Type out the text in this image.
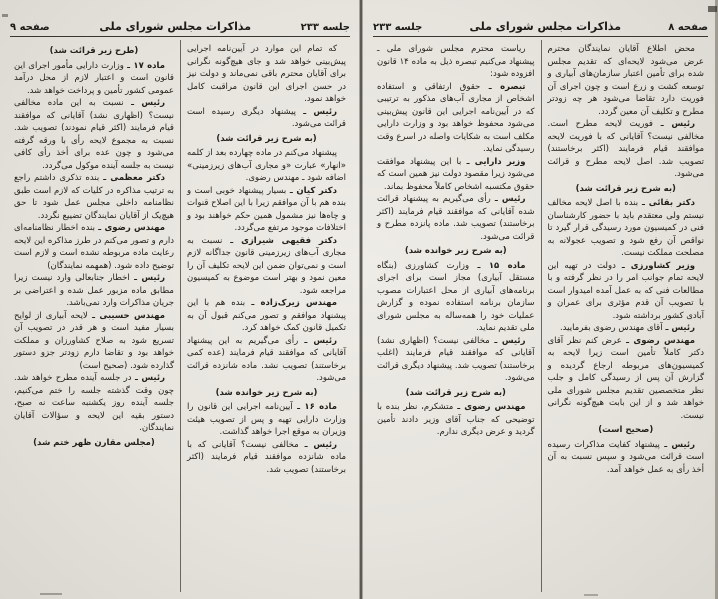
صفحه ۹	مذاکرات مجلس شورای ملی	جلسه ۲۳۳

که تمام این موارد در آیین‌نامه اجرایی پیش‌بینی خواهد شد و جای هیچ‌گونه نگرانی برای آقایان محترم باقی نمی‌ماند و دولت نیز در حسن اجرای این قانون مراقبت کامل خواهد نمود.

رئیس ـ پیشنهاد دیگری رسیده است قرائت می‌شود.

(به شرح زیر قرائت شد)

پیشنهاد می‌کنم در ماده چهارده بعد از کلمه «انهار» عبارت «و مجاری آب‌های زیرزمینی» اضافه شود ـ مهندس رضوی.

دکتر کیان ـ بسیار پیشنهاد خوبی است و بنده هم با آن موافقم زیرا با این اصلاح قنوات و چاه‌ها نیز مشمول همین حکم خواهند بود و اختلافات موجود مرتفع می‌گردد.

دکتر فقیهی شیرازی ـ نسبت به مجاری آب‌های زیرزمینی قانون جداگانه لازم است و نمی‌توان ضمن این لایحه تکلیف آن را معین نمود و بهتر است موضوع به کمیسیون مراجعه شود.

مهندس زیرک‌زاده ـ بنده هم با این پیشنهاد موافقم و تصور می‌کنم قبول آن به تکمیل قانون کمک خواهد کرد.

رئیس ـ رأی می‌گیریم به این پیشنهاد آقایانی که موافقند قیام فرمایند (عده کمی برخاستند) تصویب نشد. ماده شانزده قرائت می‌شود.

(به شرح زیر خوانده شد)

ماده ۱۶ ـ آیین‌نامه اجرایی این قانون را وزارت دارایی تهیه و پس از تصویب هیئت وزیران به موقع اجرا خواهد گذاشت.

رئیس ـ مخالفی نیست؟ آقایانی که با ماده شانزده موافقند قیام فرمایند (اکثر برخاستند) تصویب شد.

(طرح زیر قرائت شد)

ماده ۱۷ ـ وزارت دارایی مأمور اجرای این قانون است و اعتبار لازم از محل درآمد عمومی کشور تأمین و پرداخت خواهد شد.

رئیس ـ نسبت به این ماده مخالفی نیست؟ (اظهاری نشد) آقایانی که موافقند قیام فرمایند (اکثر قیام نمودند) تصویب شد. نسبت به مجموع لایحه رأی با ورقه گرفته می‌شود و چون عده برای أخذ رأی کافی نیست به جلسه آینده موکول می‌گردد.

دکتر معظمی ـ بنده تذکری داشتم راجع به ترتیب مذاکره در کلیات که لازم است طبق نظامنامه داخلی مجلس عمل شود تا حق هیچ‌یک از آقایان نمایندگان تضییع نگردد.

مهندس رضوی ـ بنده اخطار نظامنامه‌ای دارم و تصور می‌کنم در طرز مذاکره این لایحه رعایت ماده مربوطه نشده است و لازم است توضیح داده شود. (همهمه نمایندگان)

رئیس ـ اخطار جنابعالی وارد نیست زیرا مطابق ماده مزبور عمل شده و اعتراضی بر جریان مذاکرات وارد نمی‌باشد.

مهندس حسیبی ـ لایحه آبیاری از لوایح بسیار مفید است و هر قدر در تصویب آن تسریع شود به صلاح کشاورزان و مملکت خواهد بود و تقاضا دارم زودتر جزو دستور گذارده شود. (صحیح است)

رئیس ـ در جلسه آینده مطرح خواهد شد. چون وقت گذشته جلسه را ختم می‌کنیم، جلسه آینده روز یکشنبه ساعت نه صبح، دستور بقیه این لایحه و سؤالات آقایان نمایندگان.

(مجلس مقارن ظهر ختم شد)

جلسه ۲۳۳	مذاکرات مجلس شورای ملی	صفحه ۸

محض اطلاع آقایان نمایندگان محترم عرض می‌شود لایحه‌ای که تقدیم مجلس شده برای تأمین اعتبار سازمان‌های آبیاری و توسعه کشت و زرع است و چون اجرای آن فوریت دارد تقاضا می‌شود هر چه زودتر مطرح و تکلیف آن معین گردد.

رئیس ـ فوریت لایحه مطرح است. مخالفی نیست؟ آقایانی که با فوریت لایحه موافقند قیام فرمایند (اکثر برخاستند) تصویب شد. اصل لایحه مطرح و قرائت می‌شود.

(به شرح زیر قرائت شد)

دکتر بقائی ـ بنده با اصل لایحه مخالف نیستم ولی معتقدم باید با حضور کارشناسان فنی در کمیسیون مورد رسیدگی قرار گیرد تا نواقص آن رفع شود و تصویب عجولانه به مصلحت مملکت نیست.

وزیر کشاورزی ـ دولت در تهیه این لایحه تمام جوانب امر را در نظر گرفته و با مطالعات فنی که به عمل آمده امیدوار است با تصویب آن قدم مؤثری برای عمران و آبادی کشور برداشته شود.

رئیس ـ آقای مهندس رضوی بفرمایید.

مهندس رضوی ـ عرض کنم نظر آقای دکتر کاملاً تأمین است زیرا لایحه به کمیسیون‌های مربوطه ارجاع گردیده و گزارش آن پس از رسیدگی کامل و جلب نظر متخصصین تقدیم مجلس شورای ملی خواهد شد و از این بابت هیچ‌گونه نگرانی نیست.

(صحیح است)

رئیس ـ پیشنهاد کفایت مذاکرات رسیده است قرائت می‌شود و سپس نسبت به آن أخذ رأی به عمل خواهد آمد.

ریاست محترم مجلس شورای ملی ـ پیشنهاد می‌کنیم تبصره ذیل به ماده ۱۴ قانون افزوده شود:

تبصره ـ حقوق ارتفاقی و استفاده اشخاص از مجاری آب‌های مذکور به ترتیبی که در آیین‌نامه اجرایی این قانون پیش‌بینی می‌شود محفوظ خواهد بود و وزارت دارایی مکلف است به شکایات واصله در اسرع وقت رسیدگی نماید.

وزیر دارایی ـ با این پیشنهاد موافقت می‌شود زیرا مقصود دولت نیز همین است که حقوق مکتسبه اشخاص کاملاً محفوظ بماند.

رئیس ـ رأی می‌گیریم به پیشنهاد قرائت شده آقایانی که موافقند قیام فرمایند (اکثر برخاستند) تصویب شد. ماده پانزده مطرح و قرائت می‌شود.

(به شرح زیر خوانده شد)

ماده ۱۵ ـ وزارت کشاورزی (بنگاه مستقل آبیاری) مجاز است برای اجرای برنامه‌های آبیاری از محل اعتبارات مصوب سازمان برنامه استفاده نموده و گزارش عملیات خود را همه‌ساله به مجلس شورای ملی تقدیم نماید.

رئیس ـ مخالفی نیست؟ (اظهاری نشد) آقایانی که موافقند قیام فرمایند (اغلب برخاستند) تصویب شد. پیشنهاد دیگری قرائت می‌شود.

(به شرح زیر قرائت شد)

مهندس رضوی ـ متشکرم، نظر بنده با توضیحی که جناب آقای وزیر دادند تأمین گردید و عرض دیگری ندارم.
